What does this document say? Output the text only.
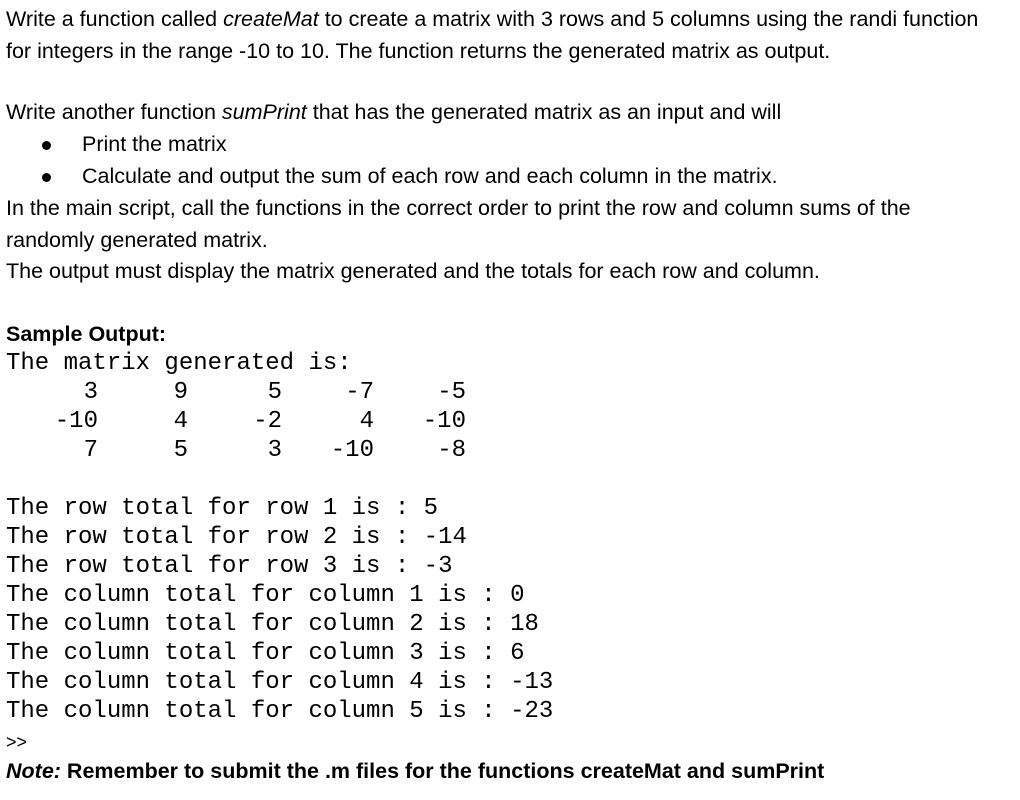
Write a function called createMat to create a matrix with 3 rows and 5 columns using the randi function for integers in the range -10 to 10. The function returns the generated matrix as output.

Write another function sumPrint that has the generated matrix as an input and will

Print the matrix
Calculate and output the sum of each row and each column in the matrix.

In the main script, call the functions in the correct order to print the row and column sums of the randomly generated matrix.

The output must display the matrix generated and the totals for each row and column.

Sample Output:
The matrix generated is:
3	9	5	-7	-5
-10	4	-2	4	-10
7	5	3	-10	-8
The row total for row 1 is : 5
The row total for row 2 is : -14
The row total for row 3 is : -3
The column total for column 1 is : 0
The column total for column 2 is : 18
The column total for column 3 is : 6
The column total for column 4 is : -13
The column total for column 5 is : -23
>>
Note: Remember to submit the .m files for the functions createMat and sumPrint
